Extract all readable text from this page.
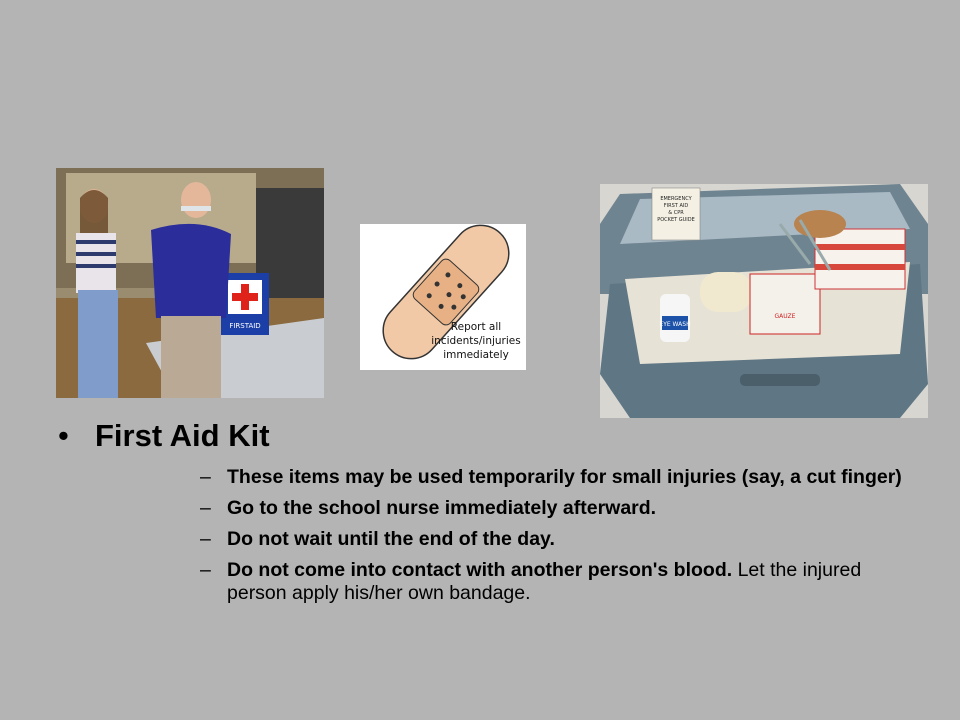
FIRSTAID	Report all
incidents/injuries
immediately
EMERGENCY
FIRST AID
& CPR
POCKET GUIDE
EYE WASH
GAUZE
• First Aid Kit
– These items may be used temporarily for small injuries (say, a cut finger)
– Go to the school nurse immediately afterward.
– Do not wait until the end of the day.
– Do not come into contact with another person's blood. Let the injured person apply his/her own bandage.
